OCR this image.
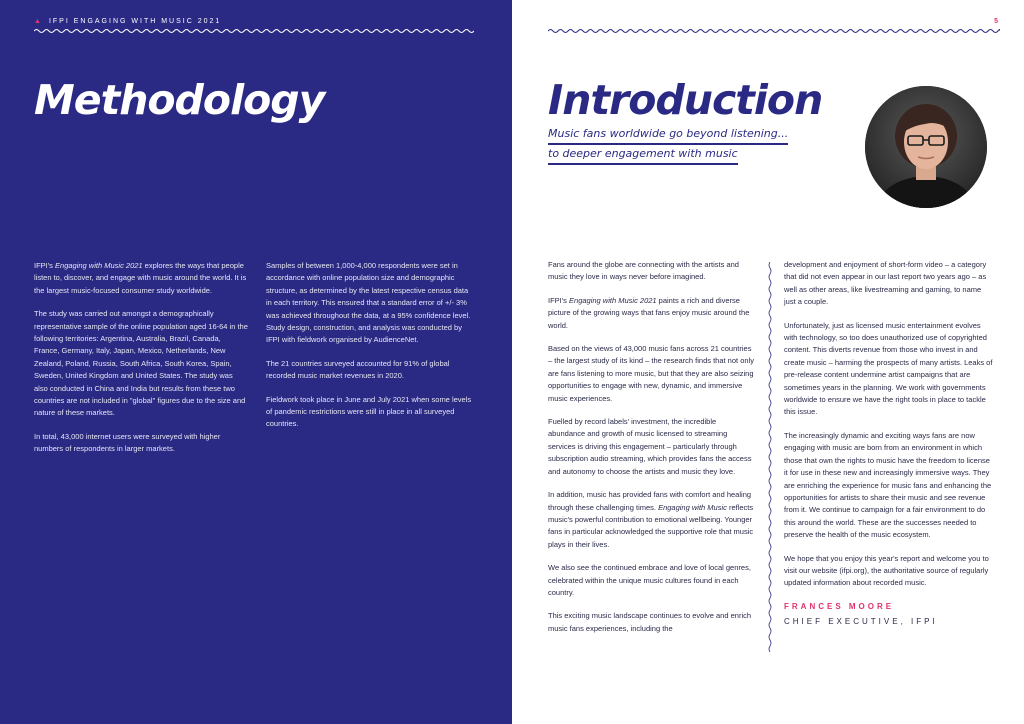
▲ IFPI ENGAGING WITH MUSIC 2021
Methodology

IFPI's Engaging with Music 2021 explores the ways that people listen to, discover, and engage with music around the world. It is the largest music-focused consumer study worldwide.

The study was carried out amongst a demographically representative sample of the online population aged 16-64 in the following territories: Argentina, Australia, Brazil, Canada, France, Germany, Italy, Japan, Mexico, Netherlands, New Zealand, Poland, Russia, South Africa, South Korea, Spain, Sweden, United Kingdom and United States. The study was also conducted in China and India but results from these two countries are not included in "global" figures due to the size and nature of these markets.

In total, 43,000 internet users were surveyed with higher numbers of respondents in larger markets.

Samples of between 1,000-4,000 respondents were set in accordance with online population size and demographic structure, as determined by the latest respective census data in each territory. This ensured that a standard error of +/- 3% was achieved throughout the data, at a 95% confidence level. Study design, construction, and analysis was conducted by IFPI with fieldwork organised by AudienceNet.

The 21 countries surveyed accounted for 91% of global recorded music market revenues in 2020.

Fieldwork took place in June and July 2021 when some levels of pandemic restrictions were still in place in all surveyed countries.

5
Introduction
Music fans worldwide go beyond listening...
to deeper engagement with music

Fans around the globe are connecting with the artists and music they love in ways never before imagined.

IFPI's Engaging with Music 2021 paints a rich and diverse picture of the growing ways that fans enjoy music around the world.

Based on the views of 43,000 music fans across 21 countries – the largest study of its kind – the research finds that not only are fans listening to more music, but that they are also seizing opportunities to engage with new, dynamic, and immersive music experiences.

Fuelled by record labels' investment, the incredible abundance and growth of music licensed to streaming services is driving this engagement – particularly through subscription audio streaming, which provides fans the access and autonomy to choose the artists and music they love.

In addition, music has provided fans with comfort and healing through these challenging times. Engaging with Music reflects music's powerful contribution to emotional wellbeing. Younger fans in particular acknowledged the supportive role that music plays in their lives.

We also see the continued embrace and love of local genres, celebrated within the unique music cultures found in each country.

This exciting music landscape continues to evolve and enrich music fans experiences, including the

development and enjoyment of short-form video – a category that did not even appear in our last report two years ago – as well as other areas, like livestreaming and gaming, to name just a couple.

Unfortunately, just as licensed music entertainment evolves with technology, so too does unauthorized use of copyrighted content. This diverts revenue from those who invest in and create music – harming the prospects of many artists. Leaks of pre-release content undermine artist campaigns that are sometimes years in the planning. We work with governments worldwide to ensure we have the right tools in place to tackle this issue.

The increasingly dynamic and exciting ways fans are now engaging with music are born from an environment in which those that own the rights to music have the freedom to license it for use in these new and increasingly immersive ways. They are enriching the experience for music fans and enhancing the opportunities for artists to share their music and see revenue from it. We continue to campaign for a fair environment to do this around the world. These are the successes needed to preserve the health of the music ecosystem.

We hope that you enjoy this year's report and welcome you to visit our website (ifpi.org), the authoritative source of regularly updated information about recorded music.

FRANCES MOORE
CHIEF EXECUTIVE, IFPI
